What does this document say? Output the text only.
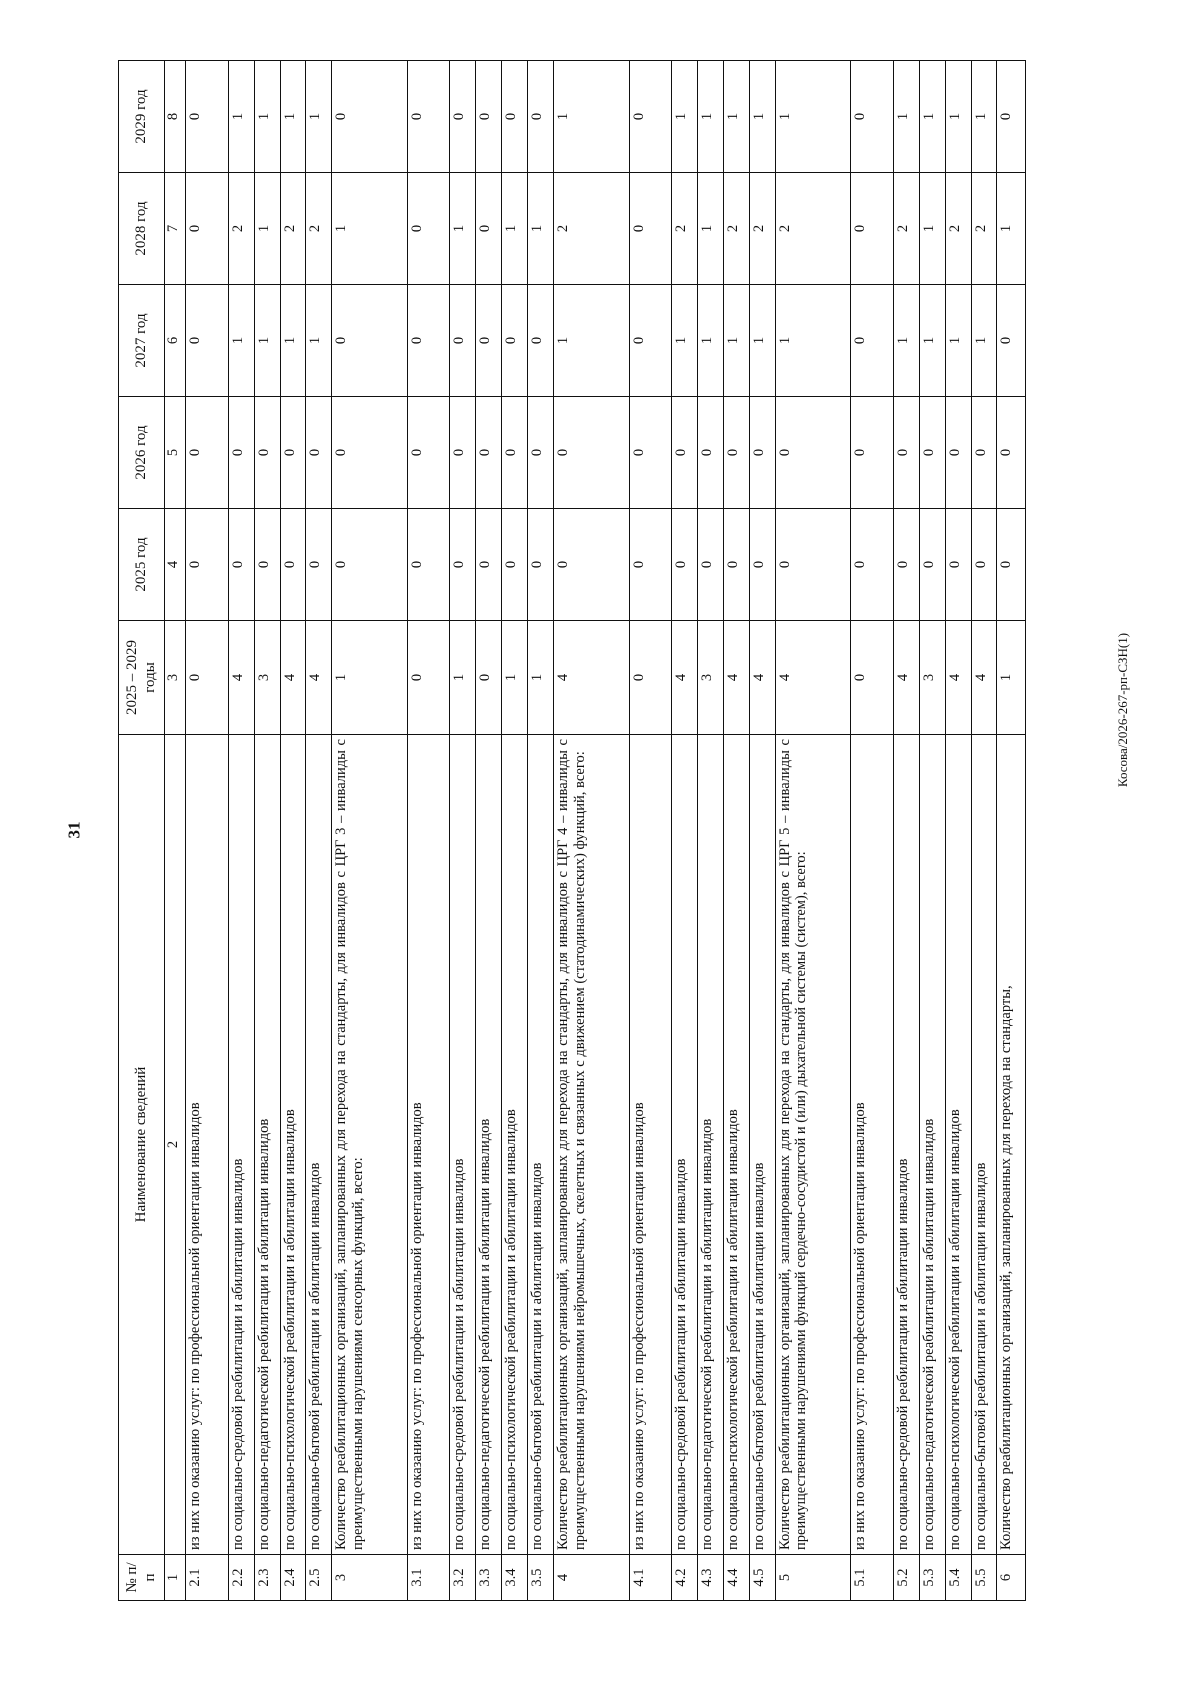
31
№ п/п	Наименование сведений	2025 – 2029 годы	2025 год	2026 год	2027 год	2028 год	2029 год
1	2	3	4	5	6	7	8
2.1	из них по оказанию услуг: по профессиональной ориентации инвалидов	0	0	0	0	0	0
2.2	по социально-средовой реабилитации и абилитации инвалидов	4	0	0	1	2	1
2.3	по социально-педагогической реабилитации и абилитации инвалидов	3	0	0	1	1	1
2.4	по социально-психологической реабилитации и абилитации инвалидов	4	0	0	1	2	1
2.5	по социально-бытовой реабилитации и абилитации инвалидов	4	0	0	1	2	1
3	Количество реабилитационных организаций, запланированных для перехода на стандарты, для инвалидов с ЦРГ 3 – инвалиды с преимущественными нарушениями сенсорных функций, всего:	1	0	0	0	1	0
3.1	из них по оказанию услуг: по профессиональной ориентации инвалидов	0	0	0	0	0	0
3.2	по социально-средовой реабилитации и абилитации инвалидов	1	0	0	0	1	0
3.3	по социально-педагогической реабилитации и абилитации инвалидов	0	0	0	0	0	0
3.4	по социально-психологической реабилитации и абилитации инвалидов	1	0	0	0	1	0
3.5	по социально-бытовой реабилитации и абилитации инвалидов	1	0	0	0	1	0
4	Количество реабилитационных организаций, запланированных для перехода на стандарты, для инвалидов с ЦРГ 4 – инвалиды с преимущественными нарушениями нейромышечных, скелетных и связанных с движением (статодинамических) функций, всего:	4	0	0	1	2	1
4.1	из них по оказанию услуг: по профессиональной ориентации инвалидов	0	0	0	0	0	0
4.2	по социально-средовой реабилитации и абилитации инвалидов	4	0	0	1	2	1
4.3	по социально-педагогической реабилитации и абилитации инвалидов	3	0	0	1	1	1
4.4	по социально-психологической реабилитации и абилитации инвалидов	4	0	0	1	2	1
4.5	по социально-бытовой реабилитации и абилитации инвалидов	4	0	0	1	2	1
5	Количество реабилитационных организаций, запланированных для перехода на стандарты, для инвалидов с ЦРГ 5 – инвалиды с преимущественными нарушениями функций сердечно-сосудистой и (или) дыхательной системы (систем), всего:	4	0	0	1	2	1
5.1	из них по оказанию услуг: по профессиональной ориентации инвалидов	0	0	0	0	0	0
5.2	по социально-средовой реабилитации и абилитации инвалидов	4	0	0	1	2	1
5.3	по социально-педагогической реабилитации и абилитации инвалидов	3	0	0	1	1	1
5.4	по социально-психологической реабилитации и абилитации инвалидов	4	0	0	1	2	1
5.5	по социально-бытовой реабилитации и абилитации инвалидов	4	0	0	1	2	1
6	Количество реабилитационных организаций, запланированных для перехода на стандарты,	1	0	0	0	1	0
Косова/2026-267-рп-СЗН(1)
